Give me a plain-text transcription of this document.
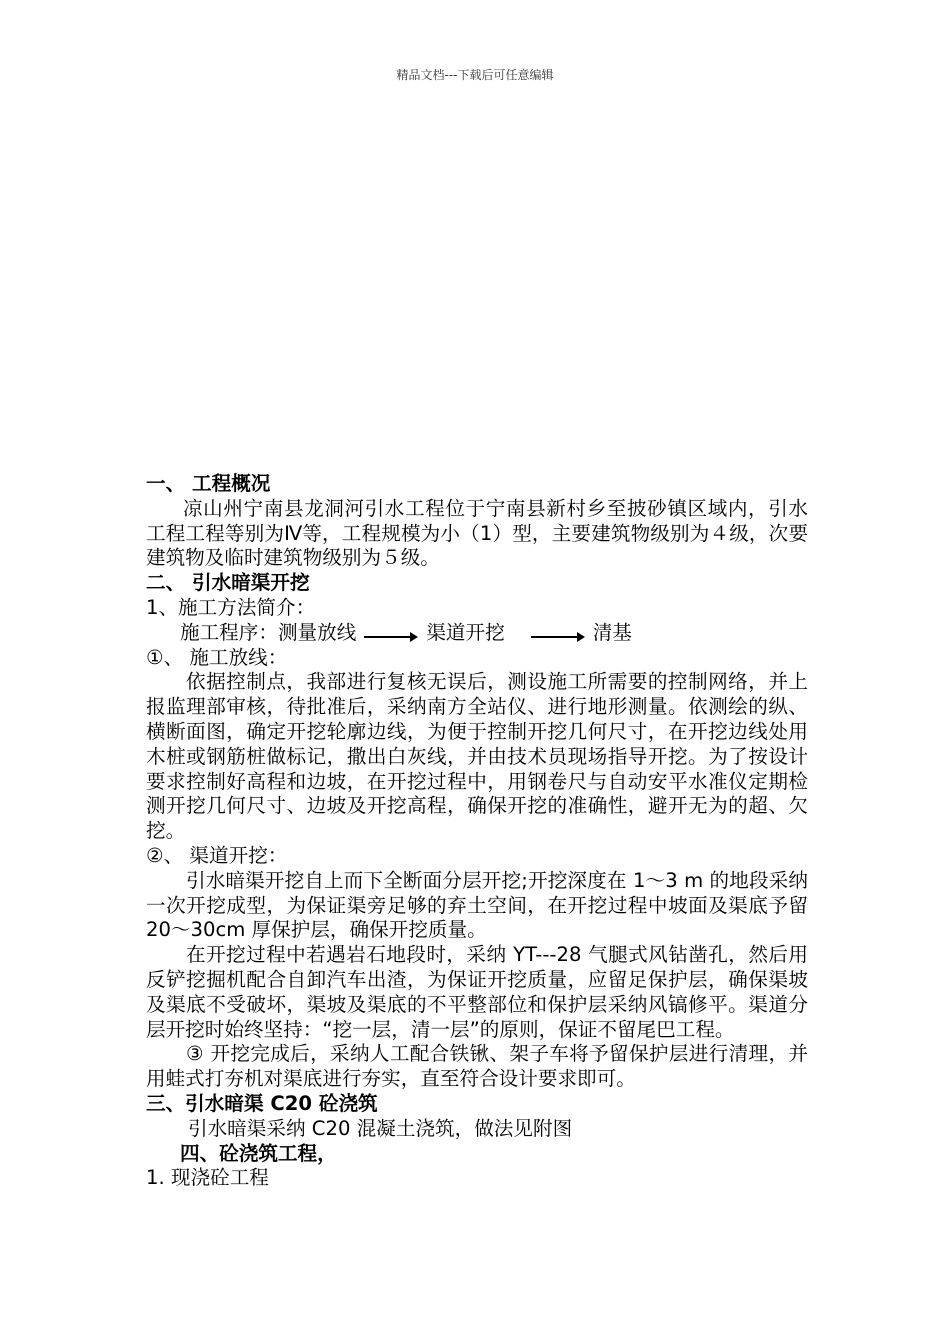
精品文档---下载后可任意编辑

一、 工程概况

凉山州宁南县龙洞河引水工程位于宁南县新村乡至披砂镇区域内，引水工程工程等别为Ⅳ等，工程规模为小（1）型，主要建筑物级别为４级，次要建筑物及临时建筑物级别为５级。

二、 引水暗渠开挖

1、施工方法简介：

施工程序：测量放线	渠道开挖	清基

①、 施工放线：

依据控制点，我部进行复核无误后，测设施工所需要的控制网络，并上报监理部审核，待批准后，采纳南方全站仪、进行地形测量。依测绘的纵、横断面图，确定开挖轮廓边线，为便于控制开挖几何尺寸，在开挖边线处用木桩或钢筋桩做标记，撒出白灰线，并由技术员现场指导开挖。为了按设计要求控制好高程和边坡，在开挖过程中，用钢卷尺与自动安平水准仪定期检测开挖几何尺寸、边坡及开挖高程，确保开挖的准确性，避开无为的超、欠挖。

②、 渠道开挖：

引水暗渠开挖自上而下全断面分层开挖;开挖深度在 1～3 m 的地段采纳一次开挖成型，为保证渠旁足够的弃土空间，在开挖过程中坡面及渠底予留 20～30cm 厚保护层，确保开挖质量。

在开挖过程中若遇岩石地段时，采纳 YT---28 气腿式风钻凿孔，然后用反铲挖掘机配合自卸汽车出渣，为保证开挖质量，应留足保护层，确保渠坡及渠底不受破坏，渠坡及渠底的不平整部位和保护层采纳风镐修平。渠道分层开挖时始终坚持：“挖一层，清一层”的原则，保证不留尾巴工程。

③ 开挖完成后，采纳人工配合铁锹、架子车将予留保护层进行清理，并用蛙式打夯机对渠底进行夯实，直至符合设计要求即可。

三、引水暗渠 C20 砼浇筑

引水暗渠采纳 C20 混凝土浇筑，做法见附图

四、砼浇筑工程，

1. 现浇砼工程
